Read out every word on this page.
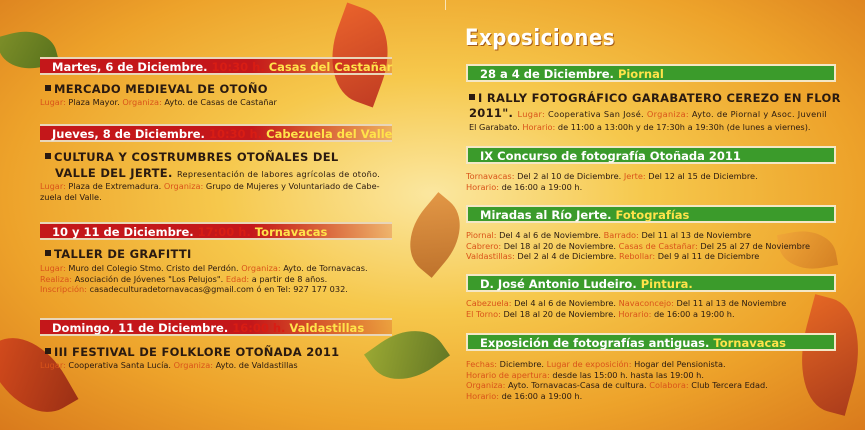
Martes, 6 de Diciembre. 10:30 h. Casas del Castañar
MERCADO MEDIEVAL DE OTOÑO
Lugar: Plaza Mayor. Organiza: Ayto. de Casas de Castañar
Jueves, 8 de Diciembre. 10:30 h. Cabezuela del Valle
CULTURA Y COSTRUMBRES OTOÑALES DEL
VALLE DEL JERTE. Representación de labores agrícolas de otoño.
Lugar: Plaza de Extremadura. Organiza: Grupo de Mujeres y Voluntariado de Cabe-
zuela del Valle.
10 y 11 de Diciembre. 17:00 h. Tornavacas
TALLER DE GRAFITTI
Lugar: Muro del Colegio Stmo. Cristo del Perdón. Organiza: Ayto. de Tornavacas.
Realiza: Asociación de Jóvenes "Los Pelujos". Edad: a partir de 8 años.
Inscripción: casadeculturadetornavacas@gmail.com ó en Tel: 927 177 032.
Domingo, 11 de Diciembre. 16:00 h. Valdastillas
III FESTIVAL DE FOLKLORE OTOÑADA 2011
Lugar: Cooperativa Santa Lucía. Organiza: Ayto. de Valdastillas
Exposiciones
28 a 4 de Diciembre. Piornal
I RALLY FOTOGRÁFICO GARABATERO CEREZO EN FLOR
2011". Lugar: Cooperativa San José. Organiza: Ayto. de Piornal y Asoc. Juvenil
El Garabato. Horario: de 11:00 a 13:00h y de 17:30h a 19:30h (de lunes a viernes).
IX Concurso de fotografía Otoñada 2011
Tornavacas: Del 2 al 10 de Diciembre. Jerte: Del 12 al 15 de Diciembre.
Horario: de 16:00 a 19:00 h.
Miradas al Río Jerte. Fotografías
Piornal: Del 4 al 6 de Noviembre. Barrado: Del 11 al 13 de Noviembre
Cabrero: Del 18 al 20 de Noviembre. Casas de Castañar: Del 25 al 27 de Noviembre
Valdastillas: Del 2 al 4 de Diciembre. Rebollar: Del 9 al 11 de Diciembre
D. José Antonio Ludeiro. Pintura.
Cabezuela: Del 4 al 6 de Noviembre. Navaconcejo: Del 11 al 13 de Noviembre
El Torno: Del 18 al 20 de Noviembre. Horario: de 16:00 a 19:00 h.
Exposición de fotografías antiguas. Tornavacas
Fechas: Diciembre. Lugar de exposición: Hogar del Pensionista.
Horario de apertura: desde las 15:00 h. hasta las 19:00 h.
Organiza: Ayto. Tornavacas-Casa de cultura. Colabora: Club Tercera Edad.
Horario: de 16:00 a 19:00 h.
